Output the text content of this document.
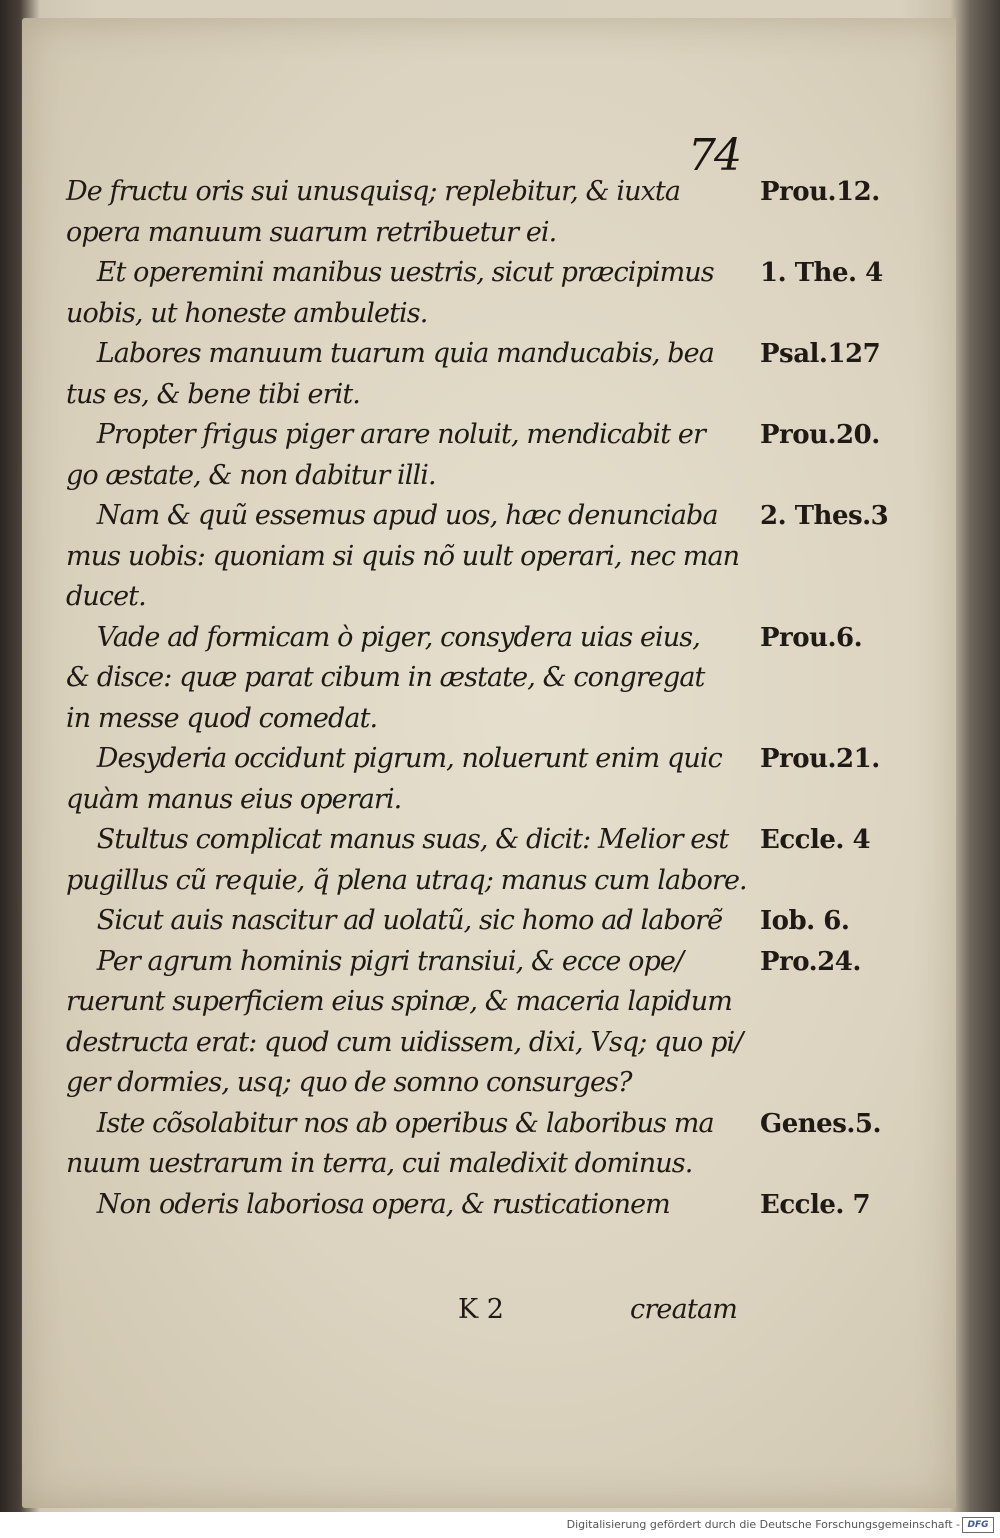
74
De fructu oris sui unusquisq; replebitur, & iuxta
opera manuum suarum retribuetur ei.
Et operemini manibus uestris, sicut præcipimus
uobis, ut honeste ambuletis.
Labores manuum tuarum quia manducabis, bea
tus es, & bene tibi erit.
Propter frigus piger arare noluit, mendicabit er
go æstate, & non dabitur illi.
Nam & quũ essemus apud uos, hæc denunciaba
mus uobis: quoniam si quis nõ uult operari, nec man
ducet.
Vade ad formicam ò piger, consydera uias eius,
& disce: quæ parat cibum in æstate, & congregat
in messe quod comedat.
Desyderia occidunt pigrum, noluerunt enim quic
quàm manus eius operari.
Stultus complicat manus suas, & dicit: Melior est
pugillus cũ requie, q̃ plena utraq; manus cum labore.
Sicut auis nascitur ad uolatũ, sic homo ad laborẽ
Per agrum hominis pigri transiui, & ecce ope/
ruerunt superficiem eius spinæ, & maceria lapidum
destructa erat: quod cum uidissem, dixi, Vsq; quo pi/
ger dormies, usq; quo de somno consurges?
Iste cõsolabitur nos ab operibus & laboribus ma
nuum uestrarum in terra, cui maledixit dominus.
Non oderis laboriosa opera, & rusticationem
Prou.12.
1. The. 4
Psal.127
Prou.20.
2. Thes.3
Prou.6.
Prou.21.
Eccle. 4
Iob. 6.
Pro.24.
Genes.5.
Eccle. 7
K 2	creatam
Digitalisierung gefördert durch die Deutsche Forschungsgemeinschaft - DFG
